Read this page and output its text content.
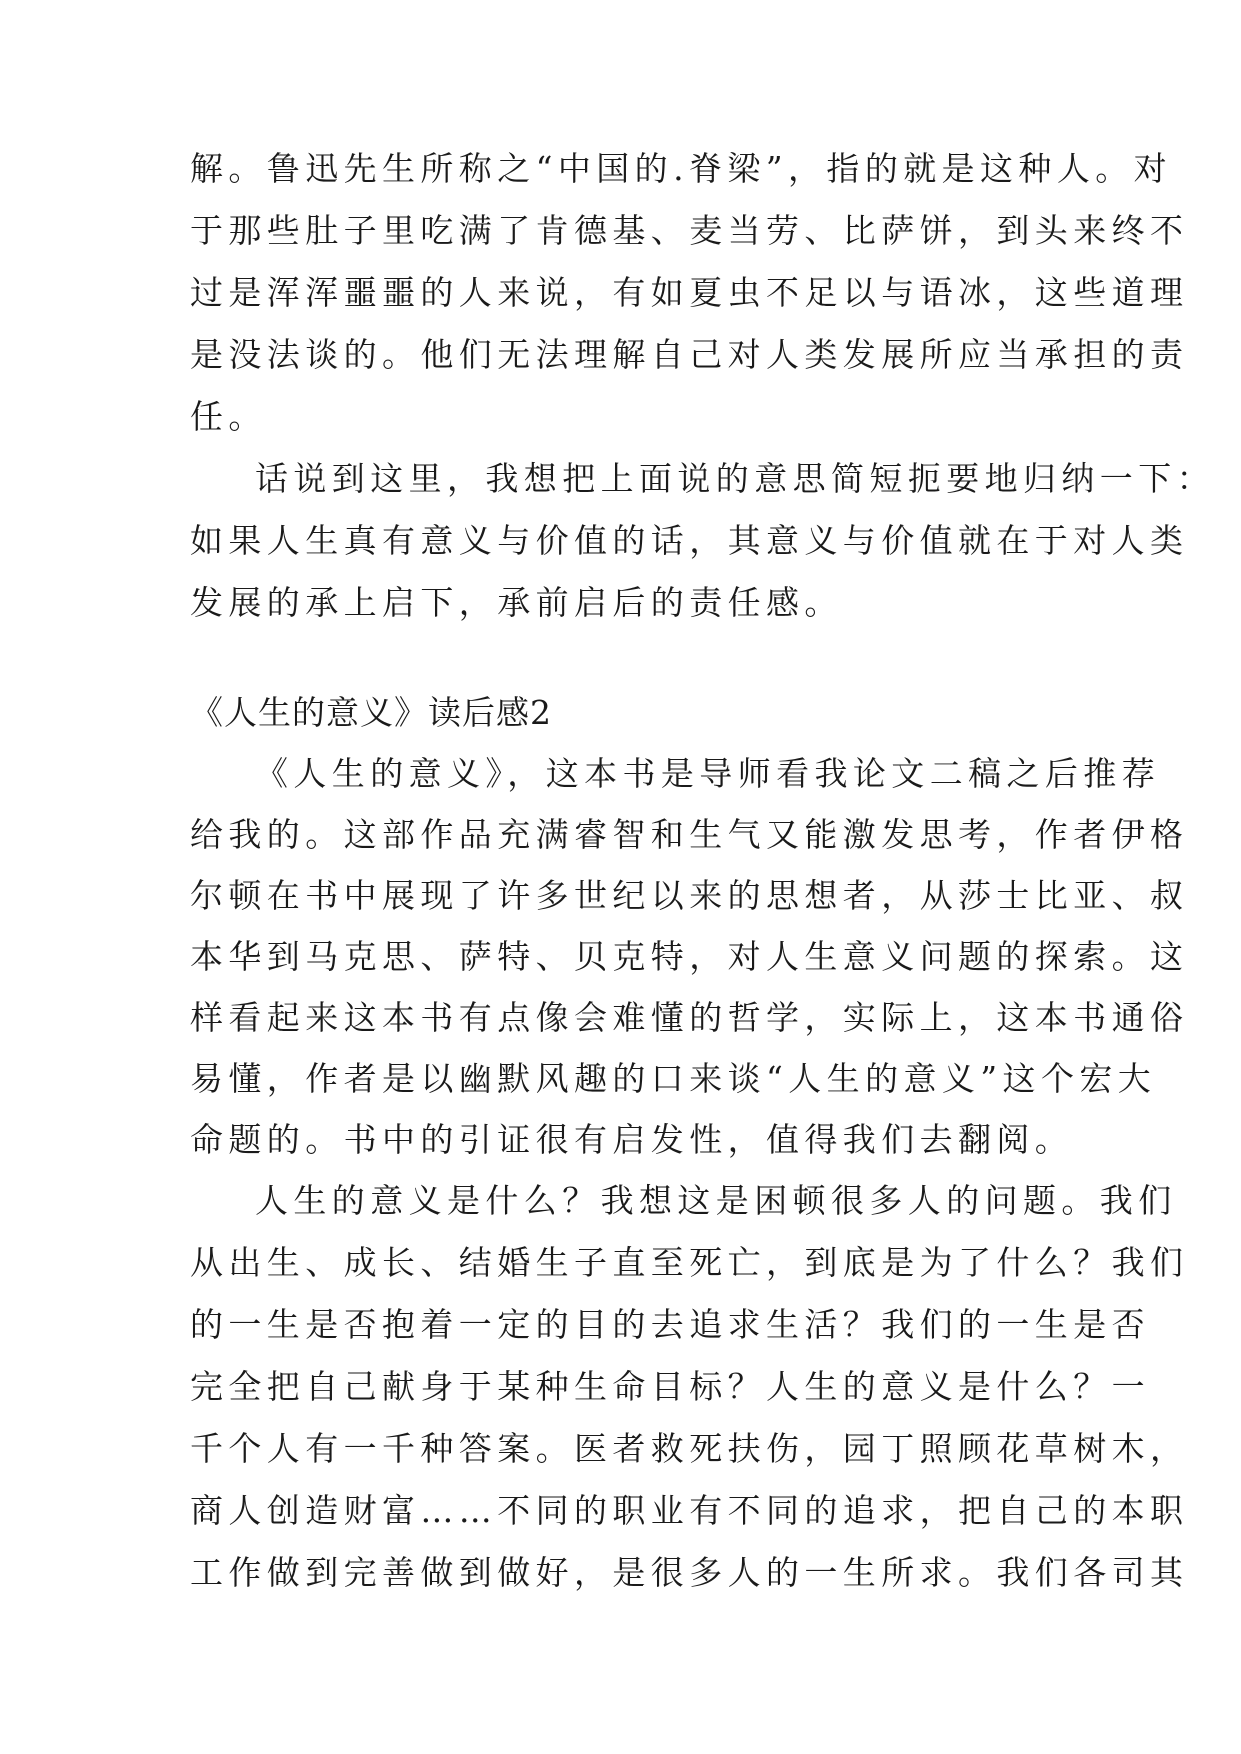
解。鲁迅先生所称之“中国的.脊梁”，指的就是这种人。对

于那些肚子里吃满了肯德基、麦当劳、比萨饼，到头来终不

过是浑浑噩噩的人来说，有如夏虫不足以与语冰，这些道理

是没法谈的。他们无法理解自己对人类发展所应当承担的责

任。

话说到这里，我想把上面说的意思简短扼要地归纳一下：

如果人生真有意义与价值的话，其意义与价值就在于对人类

发展的承上启下，承前启后的责任感。

《人生的意义》读后感2

《人生的意义》，这本书是导师看我论文二稿之后推荐

给我的。这部作品充满睿智和生气又能激发思考，作者伊格

尔顿在书中展现了许多世纪以来的思想者，从莎士比亚、叔

本华到马克思、萨特、贝克特，对人生意义问题的探索。这

样看起来这本书有点像会难懂的哲学，实际上，这本书通俗

易懂，作者是以幽默风趣的口来谈“人生的意义”这个宏大

命题的。书中的引证很有启发性，值得我们去翻阅。

人生的意义是什么？我想这是困顿很多人的问题。我们

从出生、成长、结婚生子直至死亡，到底是为了什么？我们

的一生是否抱着一定的目的去追求生活？我们的一生是否

完全把自己献身于某种生命目标？人生的意义是什么？一

千个人有一千种答案。医者救死扶伤，园丁照顾花草树木，

商人创造财富……不同的职业有不同的追求，把自己的本职

工作做到完善做到做好，是很多人的一生所求。我们各司其
